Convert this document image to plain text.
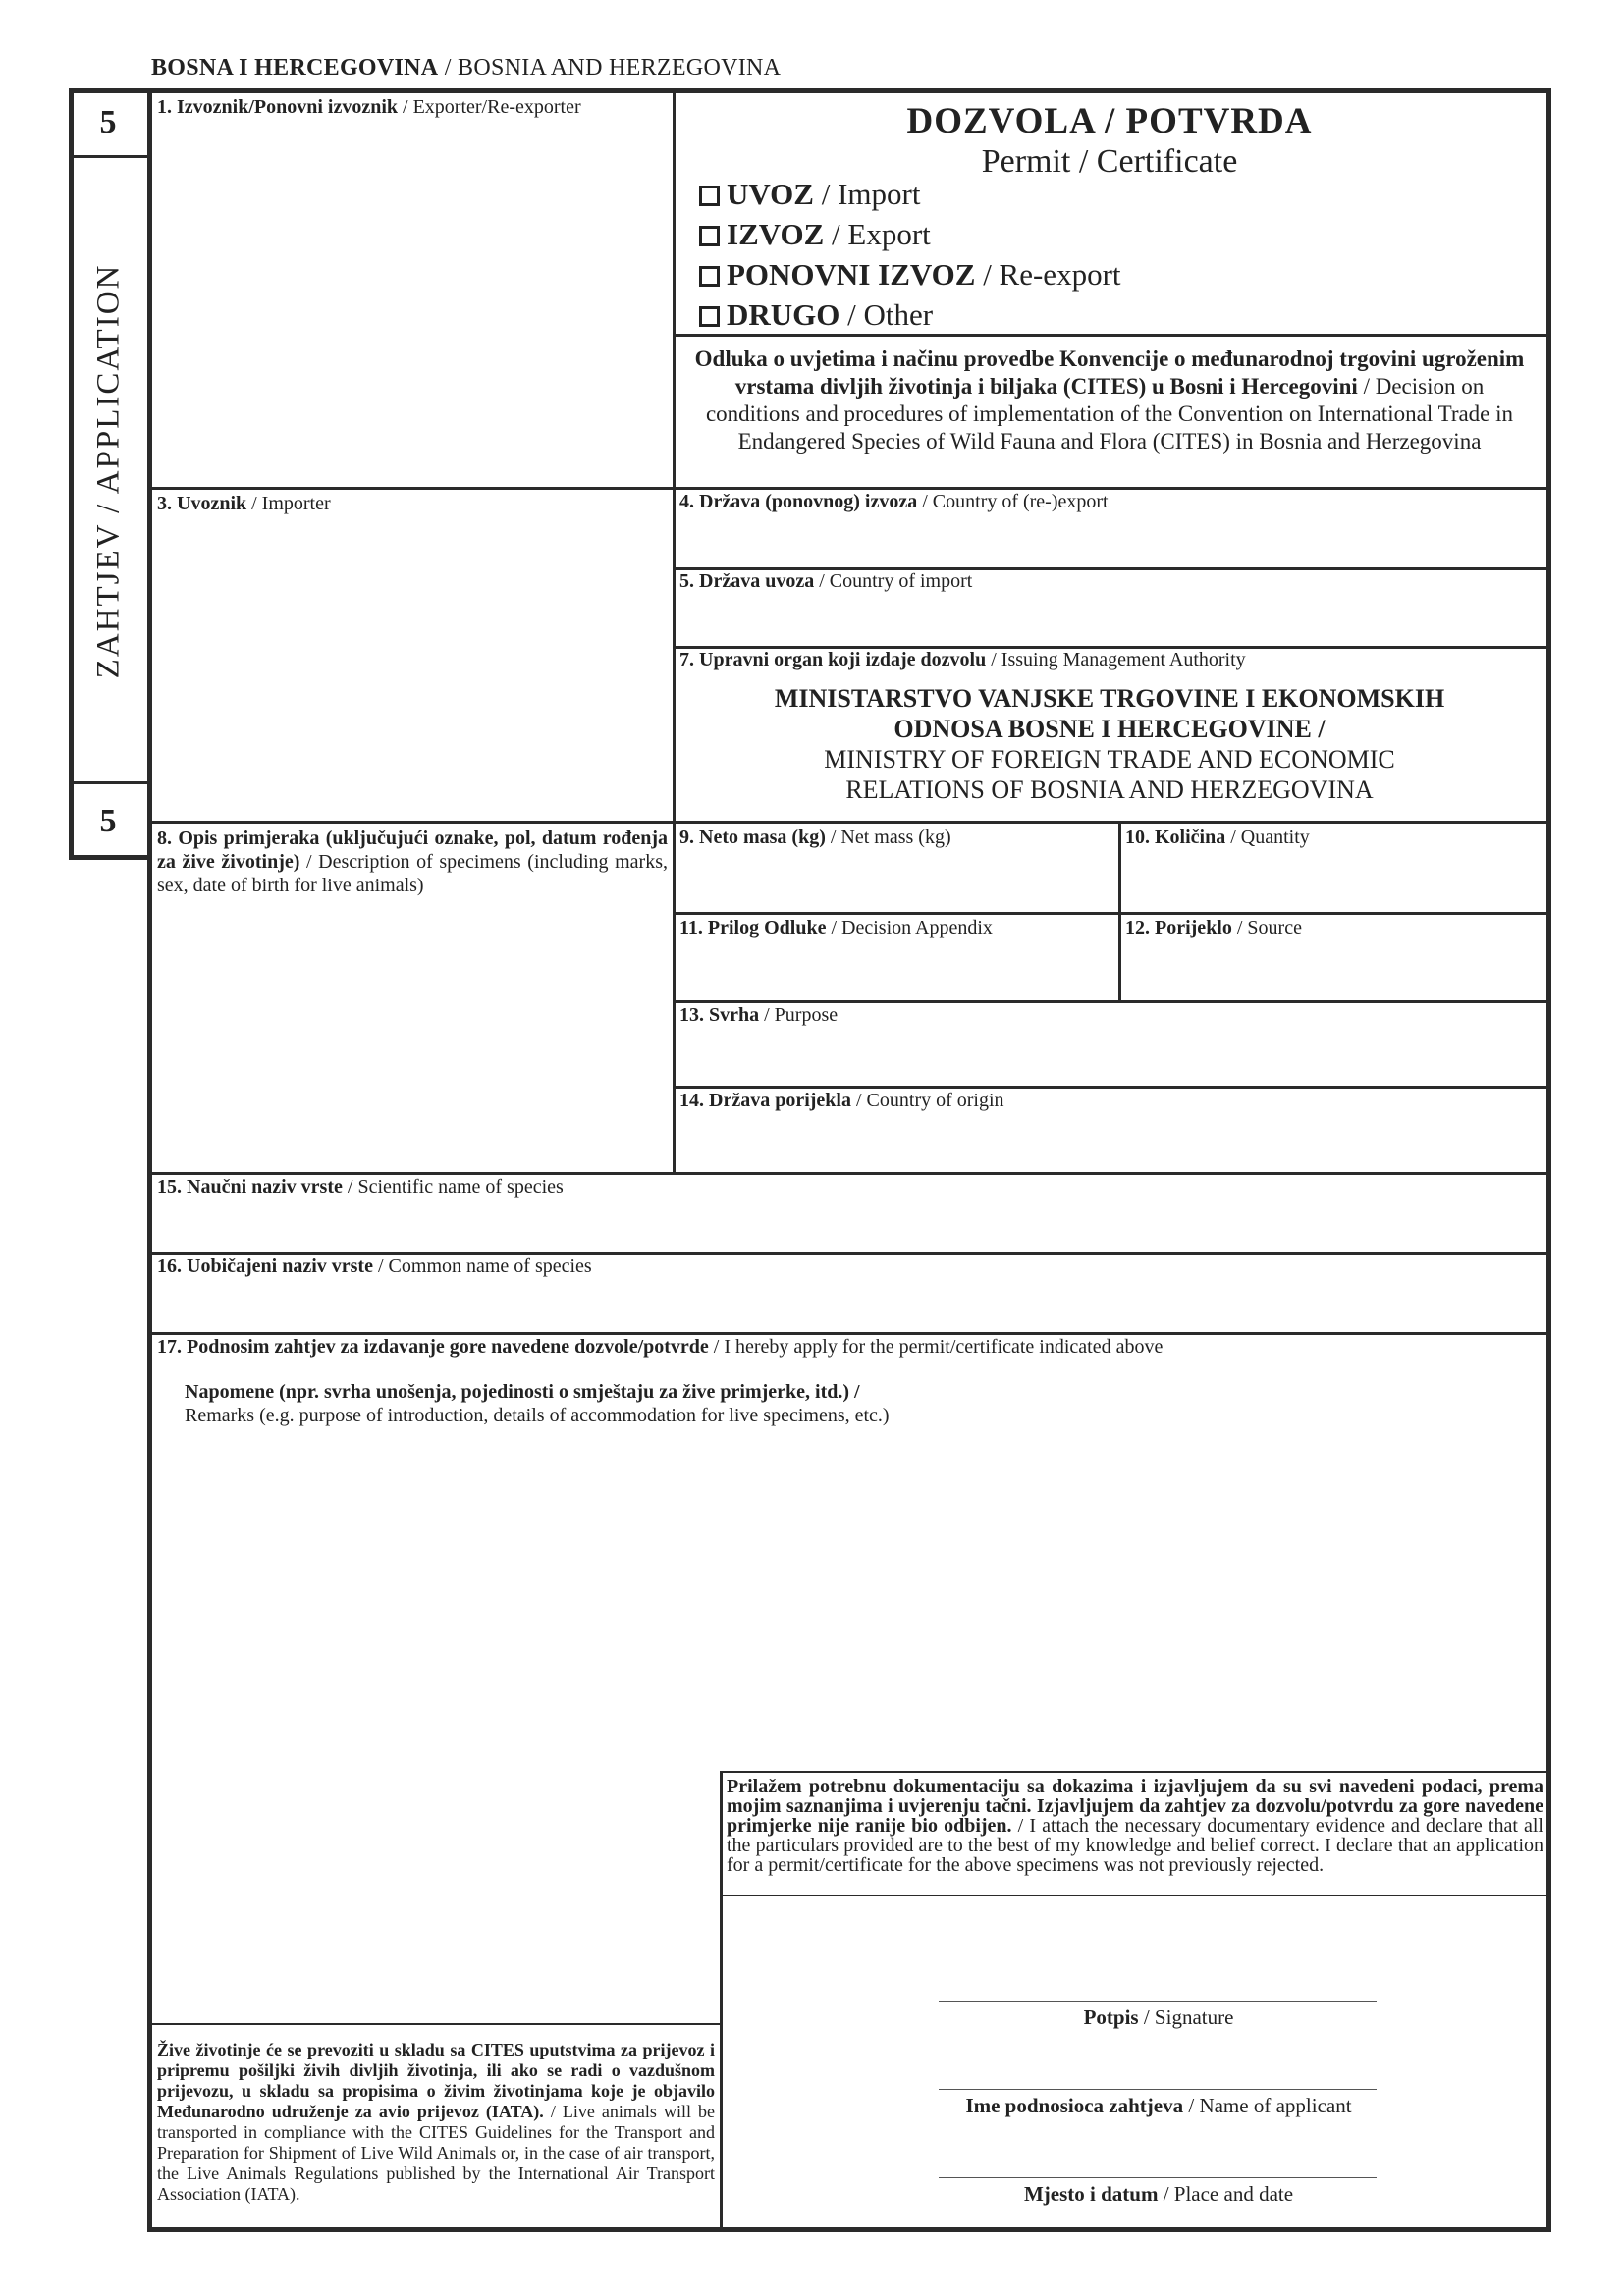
BOSNA I HERCEGOVINA / BOSNIA AND HERZEGOVINA
5
5
ZAHTJEV / APPLICATION
DOZVOLA / POTVRDA
Permit / Certificate
UVOZ / Import
IZVOZ / Export
PONOVNI IZVOZ / Re-export
DRUGO / Other
Odluka o uvjetima i načinu provedbe Konvencije o međunarodnoj trgovini ugroženim vrstama divljih životinja i biljaka (CITES) u Bosni i Hercegovini / Decision on conditions and procedures of implementation of the Convention on International Trade in Endangered Species of Wild Fauna and Flora (CITES) in Bosnia and Herzegovina
1. Izvoznik/Ponovni izvoznik / Exporter/Re-exporter
3. Uvoznik / Importer	4. Država (ponovnog) izvoza / Country of (re-)export
5. Država uvoza / Country of import
7. Upravni organ koji izdaje dozvolu / Issuing Management Authority
MINISTARSTVO VANJSKE TRGOVINE I EKONOMSKIH
ODNOSA BOSNE I HERCEGOVINE /
MINISTRY OF FOREIGN TRADE AND ECONOMIC
RELATIONS OF BOSNIA AND HERZEGOVINA
8. Opis primjeraka (uključujući oznake, pol, datum rođenja za žive životinje) / Description of specimens (including marks, sex, date of birth for live animals)
9. Neto masa (kg) / Net mass (kg)	10. Količina / Quantity
11. Prilog Odluke / Decision Appendix	12. Porijeklo / Source
13. Svrha / Purpose
14. Država porijekla / Country of origin
15. Naučni naziv vrste / Scientific name of species
16. Uobičajeni naziv vrste / Common name of species
17. Podnosim zahtjev za izdavanje gore navedene dozvole/potvrde / I hereby apply for the permit/certificate indicated above
Napomene (npr. svrha unošenja, pojedinosti o smještaju za žive primjerke, itd.) /
Remarks (e.g. purpose of introduction, details of accommodation for live specimens, etc.)
Prilažem potrebnu dokumentaciju sa dokazima i izjavljujem da su svi navedeni podaci, prema mojim saznanjima i uvjerenju tačni. Izjavljujem da zahtjev za dozvolu/potvrdu za gore navedene primjerke nije ranije bio odbijen. / I attach the necessary documentary evidence and declare that all the particulars provided are to the best of my knowledge and belief correct. I declare that an application for a permit/certificate for the above specimens was not previously rejected.
Žive životinje će se prevoziti u skladu sa CITES uputstvima za prijevoz i pripremu pošiljki živih divljih životinja, ili ako se radi o vazdušnom prijevozu, u skladu sa propisima o živim životinjama koje je objavilo Međunarodno udruženje za avio prijevoz (IATA). / Live animals will be transported in compliance with the CITES Guidelines for the Transport and Preparation for Shipment of Live Wild Animals or, in the case of air transport, the Live Animals Regulations published by the International Air Transport Association (IATA).
Potpis / Signature
Ime podnosioca zahtjeva / Name of applicant
Mjesto i datum / Place and date
